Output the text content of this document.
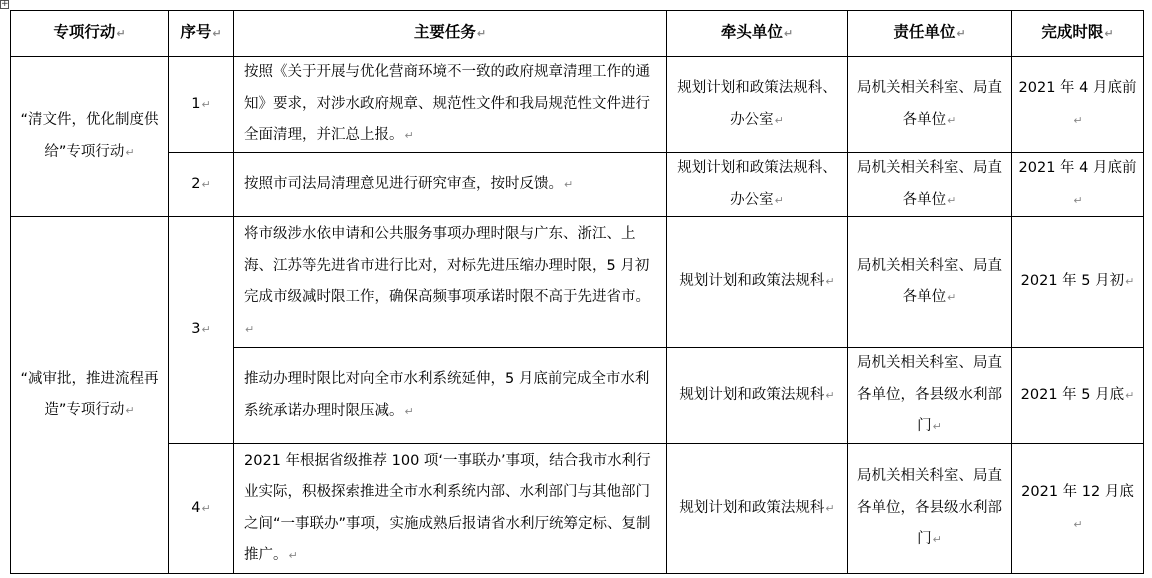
+
专项行动↵	序号↵	主要任务↵	牵头单位↵	责任单位↵	完成时限↵
“清文件，优化制度供给”专项行动↵	1↵	按照《关于开展与优化营商环境不一致的政府规章清理工作的通知》要求，对涉水政府规章、规范性文件和我局规范性文件进行全面清理，并汇总上报。↵	规划计划和政策法规科、办公室↵	局机关相关科室、局直各单位↵	2021 年 4 月底前↵
	2↵	按照市司法局清理意见进行研究审查，按时反馈。↵	规划计划和政策法规科、办公室↵	局机关相关科室、局直各单位↵	2021 年 4 月底前↵
“减审批，推进流程再造”专项行动↵	3↵	将市级涉水依申请和公共服务事项办理时限与广东、浙江、上海、江苏等先进省市进行比对，对标先进压缩办理时限，5 月初完成市级减时限工作，确保高频事项承诺时限不高于先进省市。↵	规划计划和政策法规科↵	局机关相关科室、局直各单位↵	2021 年 5 月初↵
		推动办理时限比对向全市水利系统延伸，5 月底前完成全市水利系统承诺办理时限压减。↵	规划计划和政策法规科↵	局机关相关科室、局直各单位，各县级水利部门↵	2021 年 5 月底↵
	4↵	2021 年根据省级推荐 100 项‘一事联办’事项，结合我市水利行业实际，积极探索推进全市水利系统内部、水利部门与其他部门之间“一事联办”事项，实施成熟后报请省水利厅统筹定标、复制推广。↵	规划计划和政策法规科↵	局机关相关科室、局直各单位，各县级水利部门↵	2021 年 12 月底↵
